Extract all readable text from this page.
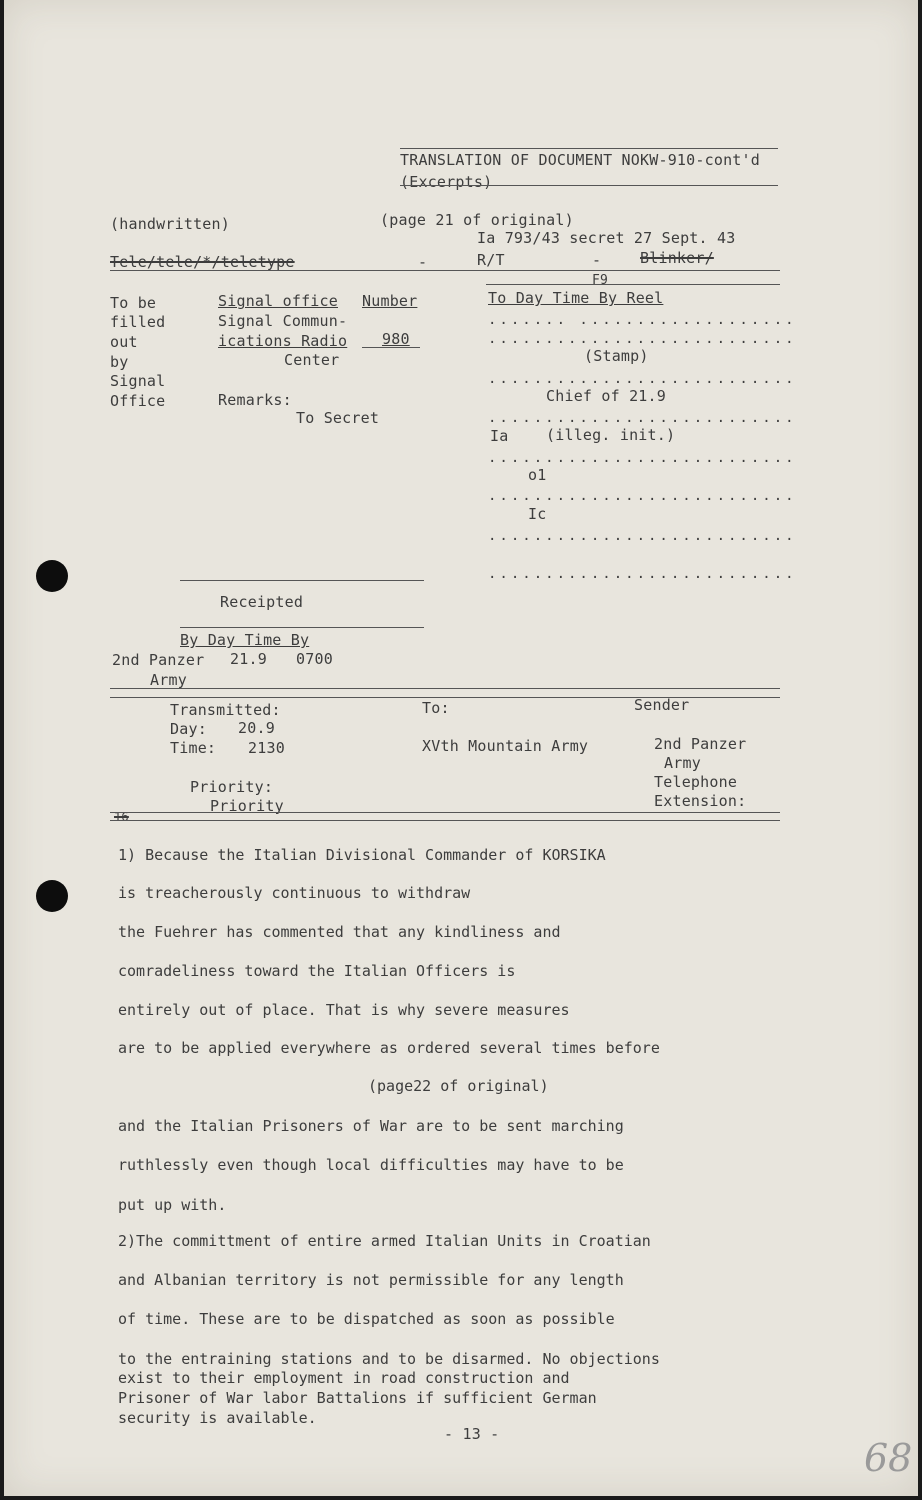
TRANSLATION OF DOCUMENT NOKW-910-cont'd
(Excerpts)
(handwritten)	(page 21 of original)
Ia 793/43 secret 27 Sept. 43
Tele/tele/*/teletype	-	R/T	-	Blinker/
F9
To be
filled
out
by
Signal
Office
Signal office Number
Signal Commun-
ications Radio 980
Center
Remarks:
To Secret
To Day Time By Reel
....... ...................
...........................
(Stamp)
...........................
Chief of 21.9
...........................
Ia	(illeg. init.)
...........................
o1
...........................
Ic
...........................
...........................
Receipted
By Day Time By
2nd Panzer 21.9 0700
Army
Transmitted:
Day: 20.9
Time: 2130
To:
XVth Mountain Army
Sender
2nd Panzer
Army
Telephone
Extension:
Priority:
Priority
16
1) Because the Italian Divisional Commander of KORSIKA
is treacherously continuous to withdraw
the Fuehrer has commented that any kindliness and
comradeliness toward the Italian Officers is
entirely out of place. That is why severe measures
are to be applied everywhere as ordered several times before
(page22 of original)
and the Italian Prisoners of War are to be sent marching
ruthlessly even though local difficulties may have to be
put up with.
2)The committment of entire armed Italian Units in Croatian
and Albanian territory is not permissible for any length
of time. These are to be dispatched as soon as possible
to the entraining stations and to be disarmed. No objections
exist to their employment in road construction and
Prisoner of War labor Battalions if sufficient German
security is available.
- 13 -
68
